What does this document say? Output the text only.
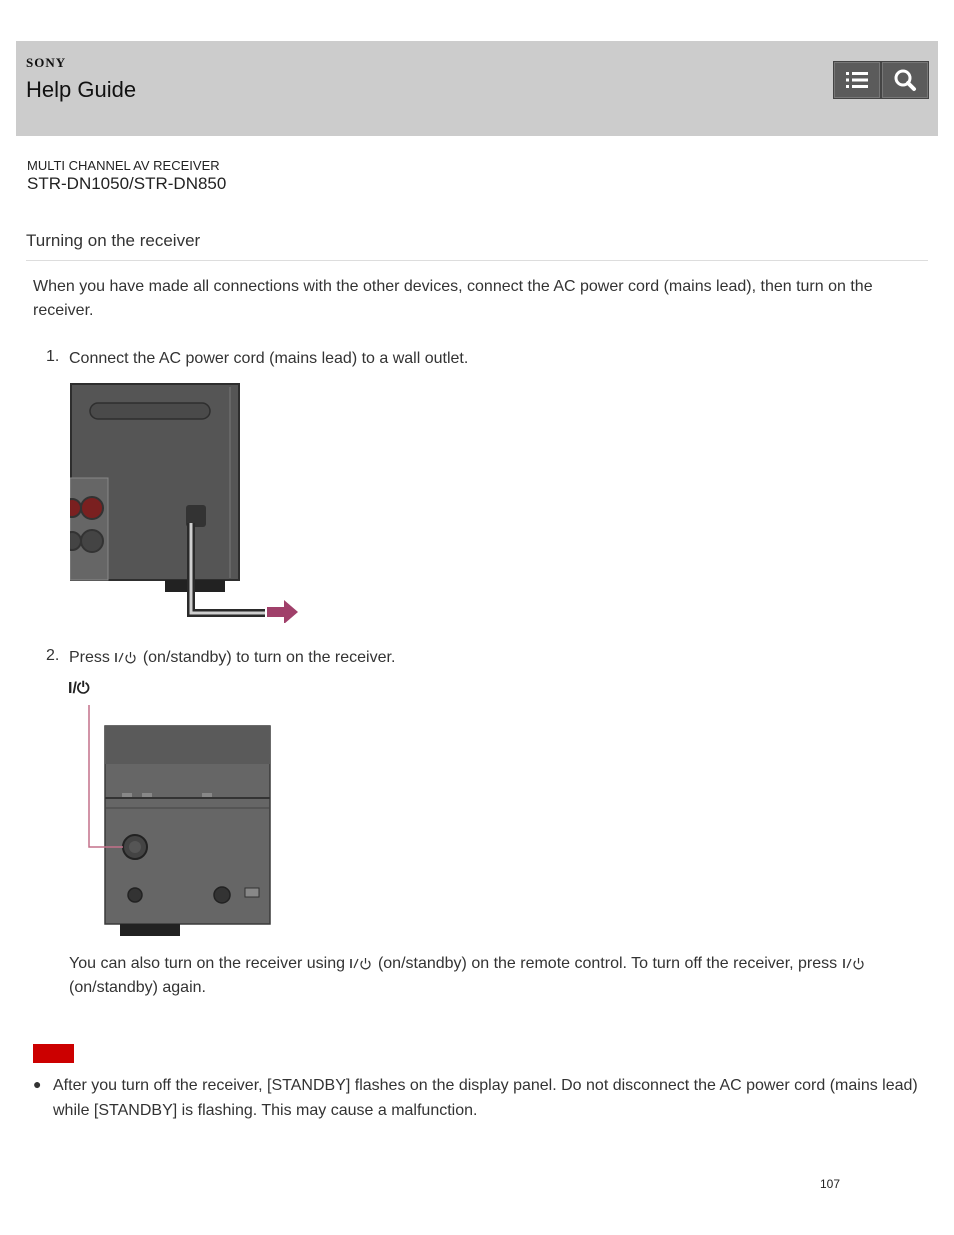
SONY
Help Guide
MULTI CHANNEL AV RECEIVER
STR-DN1050/STR-DN850
Turning on the receiver
When you have made all connections with the other devices, connect the AC power cord (mains lead), then turn on the receiver.
1. Connect the AC power cord (mains lead) to a wall outlet.
2. Press (on/standby) to turn on the receiver.
I/⏻
You can also turn on the receiver using (on/standby) on the remote control. To turn off the receiver, press  (on/standby) again.
● After you turn off the receiver, [STANDBY] flashes on the display panel. Do not disconnect the AC power cord (mains lead) while [STANDBY] is flashing. This may cause a malfunction.
107
